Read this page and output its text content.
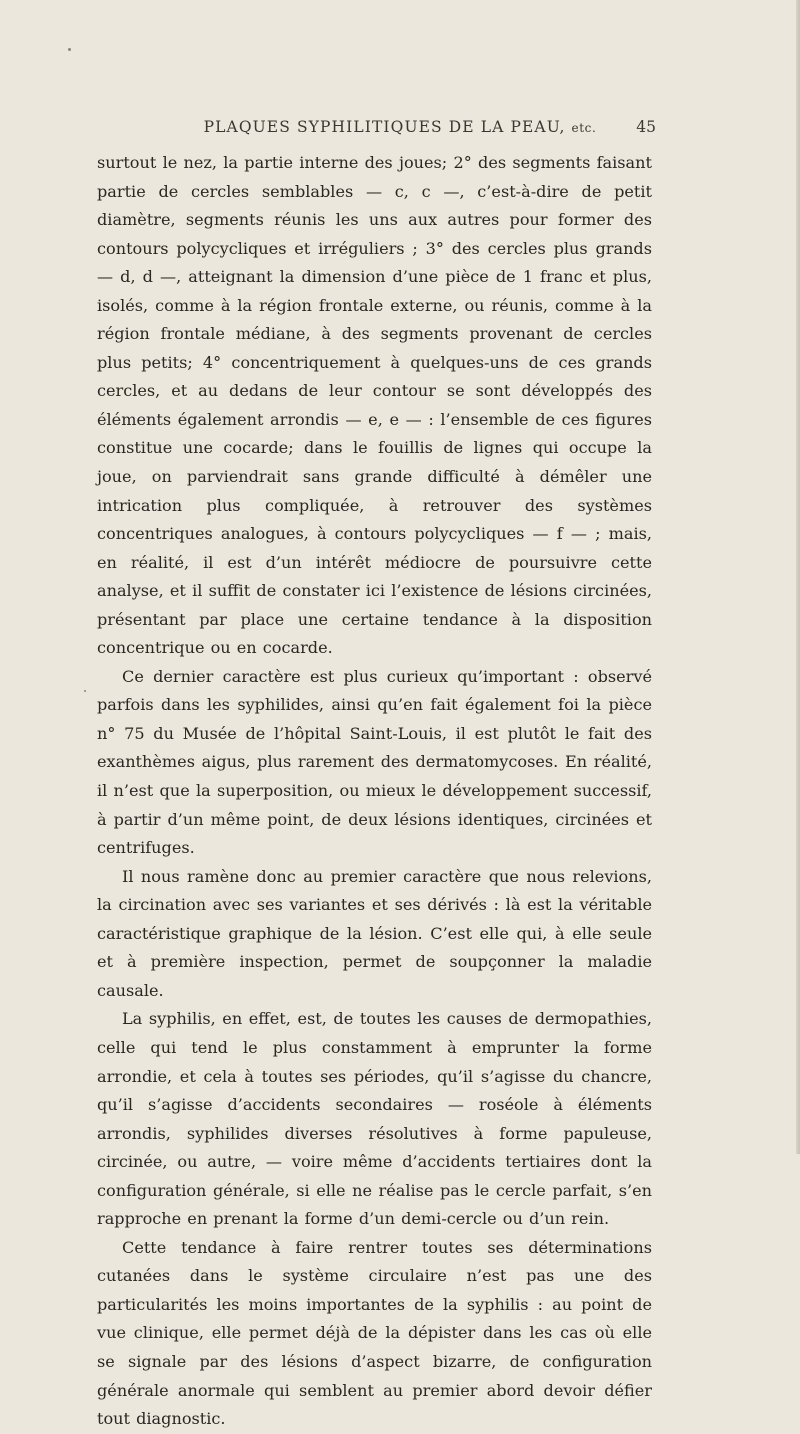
PLAQUES SYPHILITIQUES DE LA PEAU, etc.	45

surtout le nez, la partie interne des joues; 2° des segments faisant partie de cercles semblables — c, c —, c’est-à-dire de petit diamètre, segments réunis les uns aux autres pour former des contours polycycliques et irréguliers ; 3° des cercles plus grands — d, d —, atteignant la dimension d’une pièce de 1 franc et plus, isolés, comme à la région frontale externe, ou réunis, comme à la région frontale médiane, à des segments provenant de cercles plus petits; 4° concentriquement à quelques-uns de ces grands cercles, et au dedans de leur contour se sont développés des éléments également arrondis — e, e — : l’ensemble de ces figures constitue une cocarde; dans le fouillis de lignes qui occupe la joue, on parviendrait sans grande difficulté à démêler une intrication plus compliquée, à retrouver des systèmes concentriques analogues, à contours polycycliques — f — ; mais, en réalité, il est d’un intérêt médiocre de poursuivre cette analyse, et il suffit de constater ici l’existence de lésions circinées, présentant par place une certaine tendance à la disposition concentrique ou en cocarde.

Ce dernier caractère est plus curieux qu’important : observé parfois dans les syphilides, ainsi qu’en fait également foi la pièce n° 75 du Musée de l’hôpital Saint-Louis, il est plutôt le fait des exanthèmes aigus, plus rarement des dermatomycoses. En réalité, il n’est que la superposition, ou mieux le développement successif, à partir d’un même point, de deux lésions identiques, circinées et centrifuges.

Il nous ramène donc au premier caractère que nous relevions, la circination avec ses variantes et ses dérivés : là est la véritable caractéristique graphique de la lésion. C’est elle qui, à elle seule et à première inspection, permet de soupçonner la maladie causale.

La syphilis, en effet, est, de toutes les causes de dermopathies, celle qui tend le plus constamment à emprunter la forme arrondie, et cela à toutes ses périodes, qu’il s’agisse du chancre, qu’il s’agisse d’accidents secondaires — roséole à éléments arrondis, syphilides diverses résolutives à forme papuleuse, circinée, ou autre, — voire même d’accidents tertiaires dont la configuration générale, si elle ne réalise pas le cercle parfait, s’en rapproche en prenant la forme d’un demi-cercle ou d’un rein.

Cette tendance à faire rentrer toutes ses déterminations cutanées dans le système circulaire n’est pas une des particularités les moins importantes de la syphilis : au point de vue clinique, elle permet déjà de la dépister dans les cas où elle se signale par des lésions d’aspect bizarre, de configuration générale anormale qui semblent au premier abord devoir défier tout diagnostic.
